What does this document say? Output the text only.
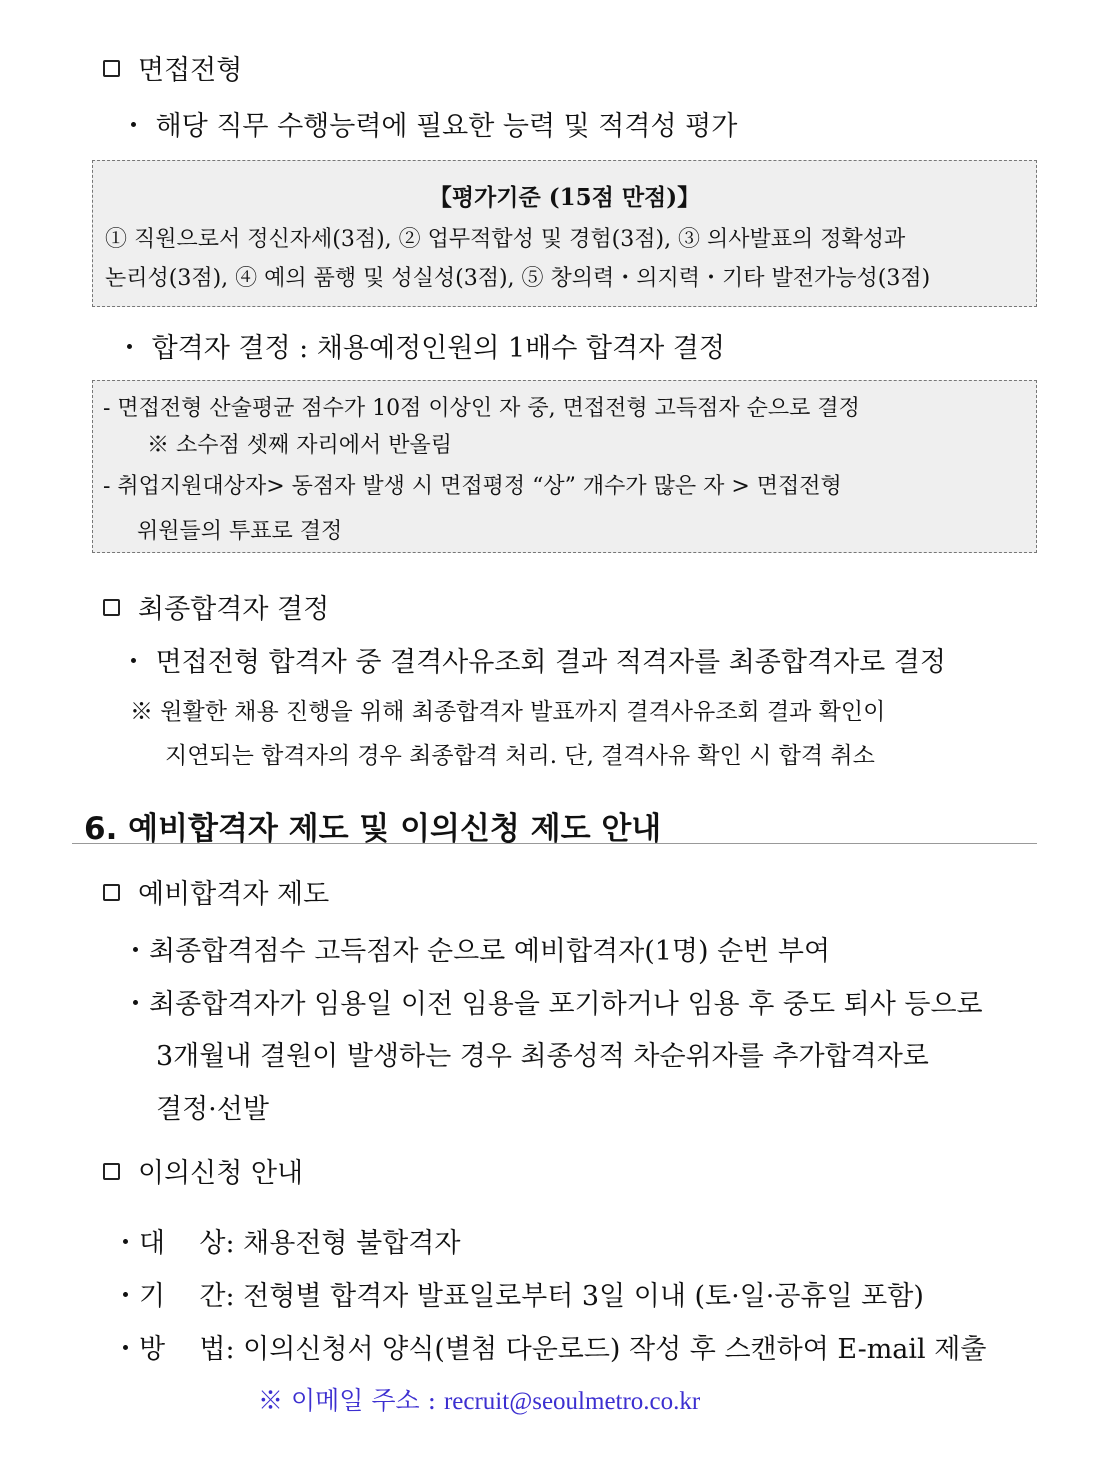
면접전형
・ 해당 직무 수행능력에 필요한 능력 및 적격성 평가
【평가기준 (15점 만점)】
① 직원으로서 정신자세(3점), ② 업무적합성 및 경험(3점), ③ 의사발표의 정확성과
논리성(3점), ④ 예의 품행 및 성실성(3점), ⑤ 창의력・의지력・기타 발전가능성(3점)
・ 합격자 결정 : 채용예정인원의 1배수 합격자 결정
- 면접전형 산술평균 점수가 10점 이상인 자 중, 면접전형 고득점자 순으로 결정
※ 소수점 셋째 자리에서 반올림
- 취업지원대상자> 동점자 발생 시 면접평정 “상” 개수가 많은 자 > 면접전형
위원들의 투표로 결정
최종합격자 결정
・ 면접전형 합격자 중 결격사유조회 결과 적격자를 최종합격자로 결정
※ 원활한 채용 진행을 위해 최종합격자 발표까지 결격사유조회 결과 확인이
지연되는 합격자의 경우 최종합격 처리. 단, 결격사유 확인 시 합격 취소
6. 예비합격자 제도 및 이의신청 제도 안내
예비합격자 제도
・최종합격점수 고득점자 순으로 예비합격자(1명) 순번 부여
・최종합격자가 임용일 이전 임용을 포기하거나 임용 후 중도 퇴사 등으로
3개월내 결원이 발생하는 경우 최종성적 차순위자를 추가합격자로
결정·선발
이의신청 안내
・대    상: 채용전형 불합격자
・기    간: 전형별 합격자 발표일로부터 3일 이내 (토·일·공휴일 포함)
・방    법: 이의신청서 양식(별첨 다운로드) 작성 후 스캔하여 E-mail 제출
※ 이메일 주소 : recruit@seoulmetro.co.kr
